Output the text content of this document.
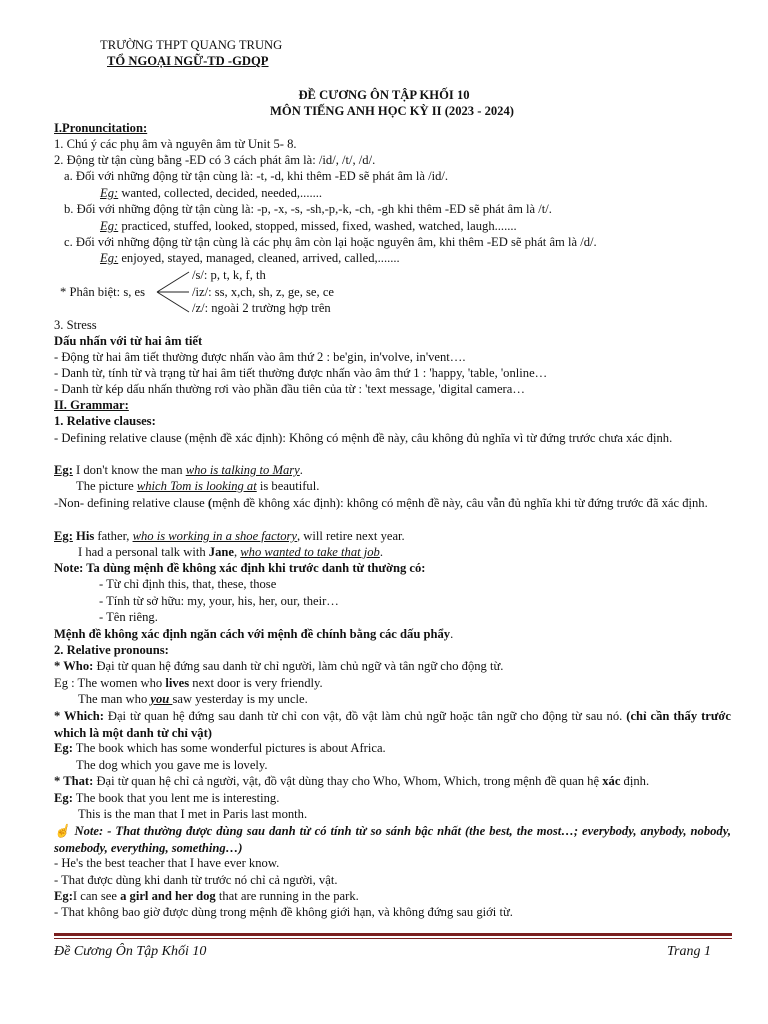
TRƯỜNG THPT QUANG TRUNG
TỔ NGOẠI NGỮ-TD -GDQP
ĐỀ CƯƠNG ÔN TẬP KHỐI 10
MÔN TIẾNG ANH HỌC KỲ II (2023 - 2024)
I.Pronuncitation:
1. Chú ý các phụ âm và nguyên âm từ Unit 5- 8.
2. Động từ tận cùng bằng -ED có 3 cách phát âm là: /id/, /t/, /d/.
a. Đối với những động từ tận cùng là: -t, -d, khi thêm -ED sẽ phát âm là /id/.
Eg: wanted, collected, decided, needed,.......
b. Đối với những động từ tận cùng là: -p, -x, -s, -sh,-p,-k, -ch, -gh khi thêm -ED sẽ phát âm là /t/.
Eg: practiced, stuffed, looked, stopped, missed, fixed, washed, watched, laugh.......
c. Đối với những động từ tận cùng là các phụ âm còn lại hoặc nguyên âm, khi thêm -ED sẽ phát âm là /d/.
Eg: enjoyed, stayed, managed, cleaned, arrived, called,.......
* Phân biệt: s, es
/s/: p, t, k, f, th
/iz/: ss, x,ch, sh, z, ge, se, ce
/z/: ngoài 2 trường hợp trên
3. Stress
Dấu nhấn với từ hai âm tiết
- Động từ hai âm tiết thường được nhấn vào âm thứ 2 : be'gin, in'volve, in'vent….
- Danh từ, tính từ và trạng từ hai âm tiết thường được nhấn vào âm thứ 1 : 'happy, 'table, 'online…
- Danh từ kép dấu nhấn thường rơi vào phần đầu tiên của từ : 'text message, 'digital camera…
II. Grammar:
1. Relative clauses:
- Defining relative clause (mệnh đề xác định): Không có mệnh đề này, câu không đủ nghĩa vì từ đứng trước chưa xác định.
Eg: I don't know the man who is talking to Mary.
The picture which Tom is looking at is beautiful.
-Non- defining relative clause (mệnh đề không xác định): không có mệnh đề này, câu vẫn đủ nghĩa khi từ đứng trước đã xác định.
Eg: His father, who is working in a shoe factory, will retire next year.
I had a personal talk with Jane, who wanted to take that job.
Note: Ta dùng mệnh đề không xác định khi trước danh từ thường có:
- Từ chỉ định this, that, these, those
- Tính từ sở hữu: my, your, his, her, our, their…
- Tên riêng.
Mệnh đề không xác định ngăn cách với mệnh đề chính bằng các dấu phẩy.
2. Relative pronouns:
* Who: Đại từ quan hệ đứng sau danh từ chỉ người, làm chủ ngữ và tân ngữ cho động từ.
Eg : The women who lives next door is very friendly.
The man who you saw yesterday is my uncle.
* Which: Đại từ quan hệ đứng sau danh từ chỉ con vật, đồ vật làm chủ ngữ hoặc tân ngữ cho động từ sau nó. (chỉ cần thấy trước which là một danh từ chỉ vật)
Eg: The book which has some wonderful pictures is about Africa.
The dog which you gave me is lovely.
* That: Đại từ quan hệ chỉ cả người, vật, đồ vật dùng thay cho Who, Whom, Which, trong mệnh đề quan hệ xác định.
Eg: The book that you lent me is interesting.
This is the man that I met in Paris last month.
☝ Note: - That thường được dùng sau danh từ có tính từ so sánh bậc nhất (the best, the most…; everybody, anybody, nobody, somebody, everything, something…)
- He's the best teacher that I have ever know.
- That được dùng khi danh từ trước nó chỉ cả người, vật.
Eg:I can see a girl and her dog that are running in the park.
- That không bao giờ được dùng trong mệnh đề không giới hạn, và không đứng sau giới từ.
Đề Cương Ôn Tập Khối 10	Trang 1
